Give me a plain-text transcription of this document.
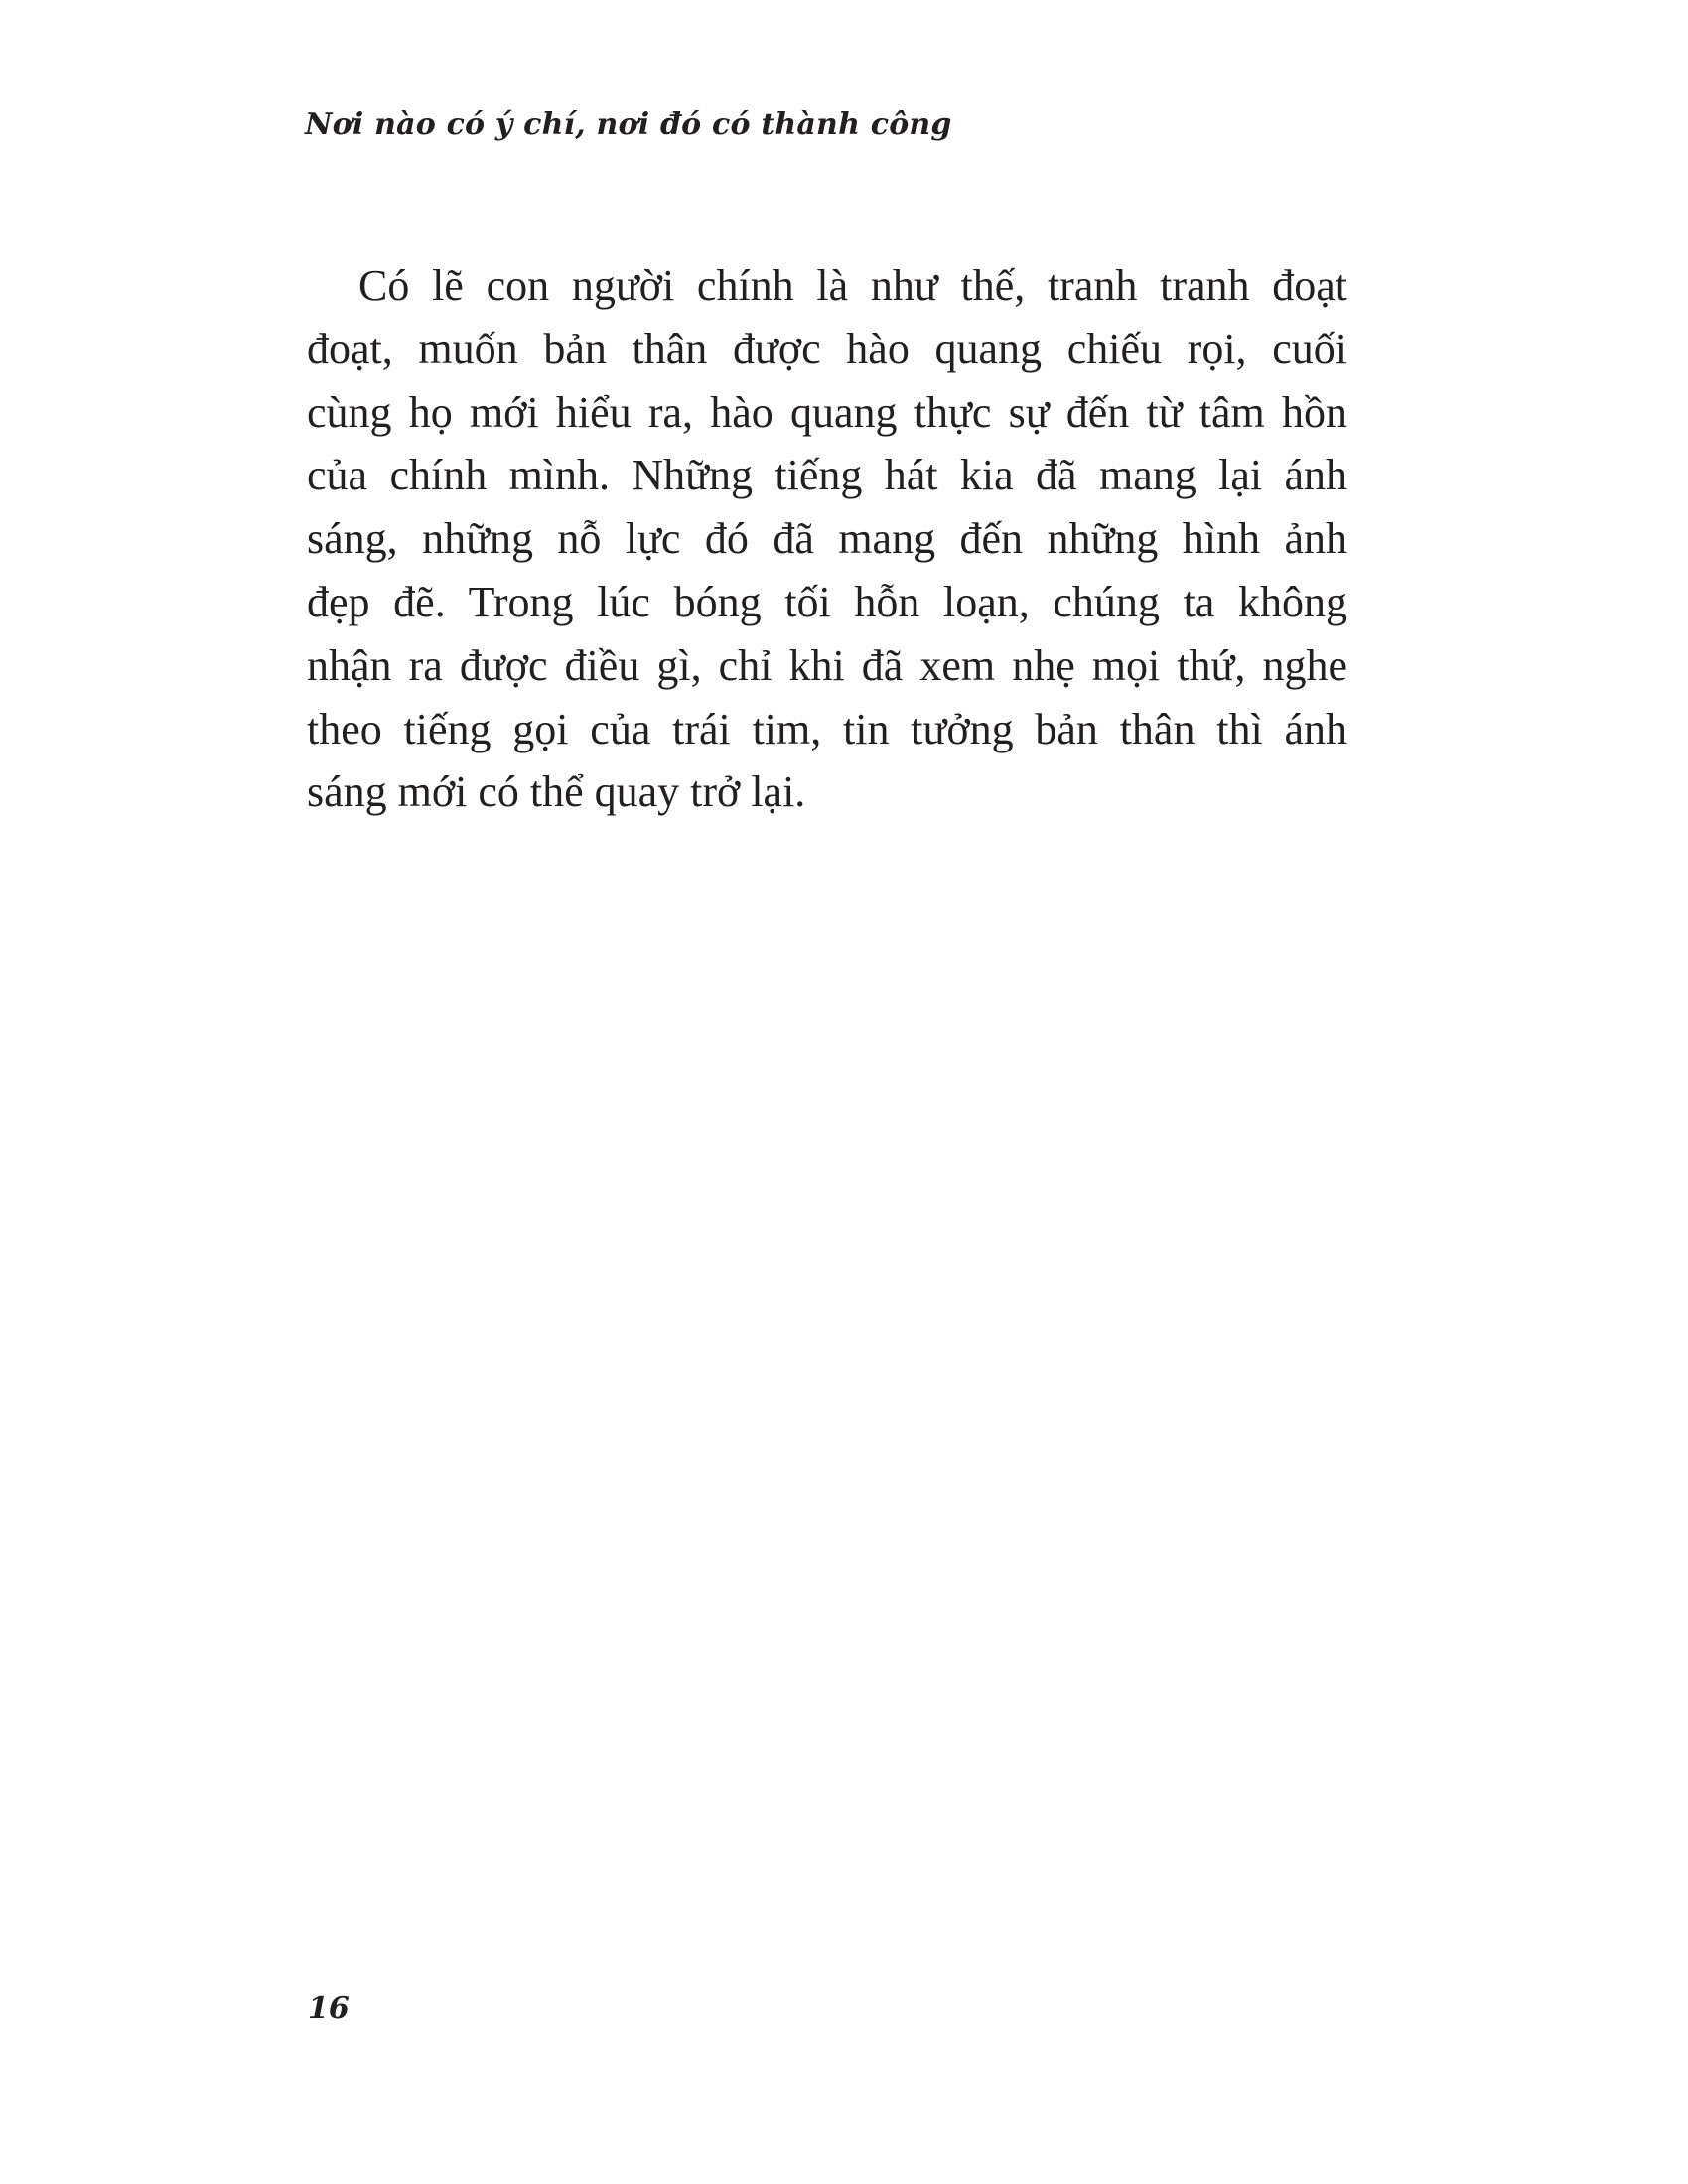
Nơi nào có ý chí, nơi đó có thành công
Có lẽ con người chính là như thế, tranh tranh đoạt
đoạt, muốn bản thân được hào quang chiếu rọi, cuối
cùng họ mới hiểu ra, hào quang thực sự đến từ tâm hồn
của chính mình. Những tiếng hát kia đã mang lại ánh
sáng, những nỗ lực đó đã mang đến những hình ảnh
đẹp đẽ. Trong lúc bóng tối hỗn loạn, chúng ta không
nhận ra được điều gì, chỉ khi đã xem nhẹ mọi thứ, nghe
theo tiếng gọi của trái tim, tin tưởng bản thân thì ánh
sáng mới có thể quay trở lại.
16
